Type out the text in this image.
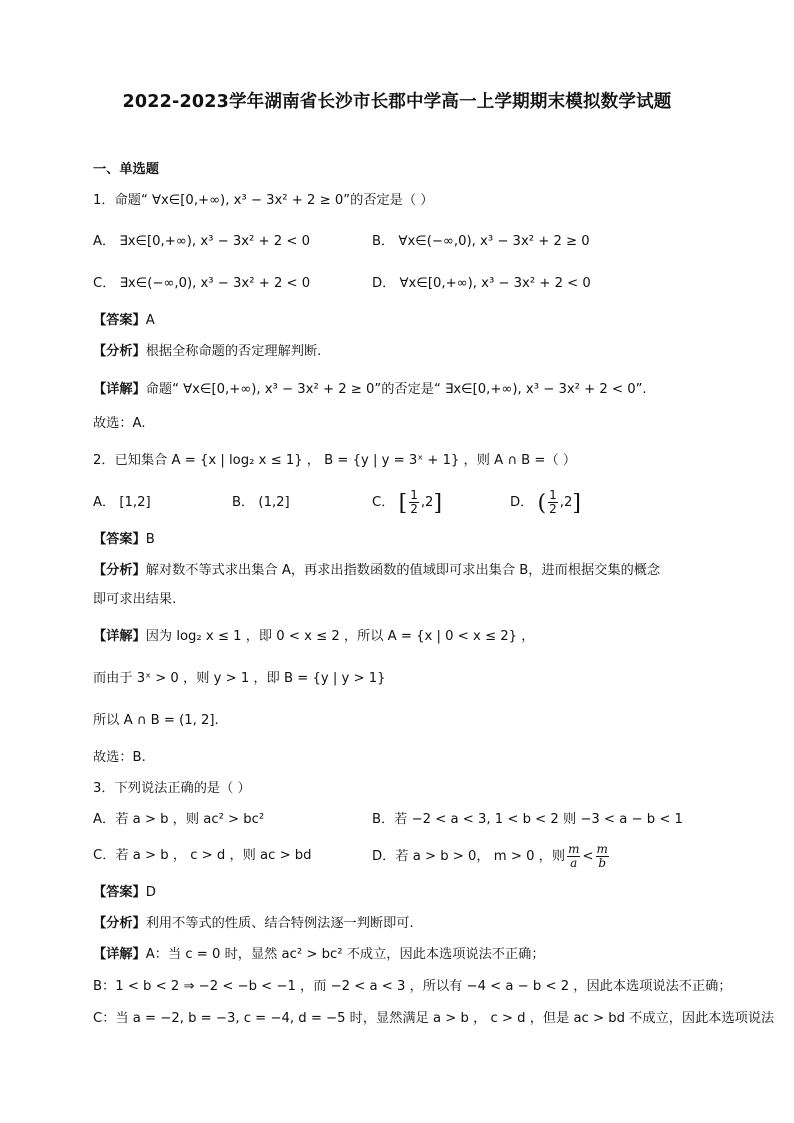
2022-2023学年湖南省长沙市长郡中学高一上学期期末模拟数学试题
一、单选题
1．命题“ ∀x∈[0,+∞), x³ − 3x² + 2 ≥ 0”的否定是（ ）
A． ∃x∈[0,+∞), x³ − 3x² + 2 < 0	B． ∀x∈(−∞,0), x³ − 3x² + 2 ≥ 0
C． ∃x∈(−∞,0), x³ − 3x² + 2 < 0	D． ∀x∈[0,+∞), x³ − 3x² + 2 < 0
【答案】A
【分析】根据全称命题的否定理解判断.
【详解】命题“ ∀x∈[0,+∞), x³ − 3x² + 2 ≥ 0”的否定是“ ∃x∈[0,+∞), x³ − 3x² + 2 < 0”.
故选：A.
2．已知集合 A = {x | log₂ x ≤ 1} ， B = {y | y = 3ˣ + 1} ，则 A ∩ B =（ ）
A． [1,2]	B． (1,2]	C． [ $\frac{1}{2} ,2$]	D． ( $\frac{1}{2} ,2$]
【答案】B
【分析】解对数不等式求出集合 A，再求出指数函数的值域即可求出集合 B，进而根据交集的概念
即可求出结果.
【详解】因为 log₂ x ≤ 1 ，即 0 < x ≤ 2 ，所以 A = {x | 0 < x ≤ 2} ，
而由于 3ˣ > 0 ，则 y > 1 ，即 B = {y | y > 1}
所以 A ∩ B = (1, 2].
故选：B.
3．下列说法正确的是（ ）
A．若 a > b ，则 ac² > bc²	B．若 −2 < a < 3, 1 < b < 2 则 −3 < a − b < 1
C．若 a > b ， c > d ，则 ac > bd	D．若 a > b > 0， m > 0 ，则 $\frac{m}{a} < \frac{m}{b}$
【答案】D
【分析】利用不等式的性质、结合特例法逐一判断即可.
【详解】A：当 c = 0 时，显然 ac² > bc² 不成立，因此本选项说法不正确；
B：1 < b < 2 ⇒ −2 < −b < −1 ，而 −2 < a < 3 ，所以有 −4 < a − b < 2 ，因此本选项说法不正确；
C：当 a = −2, b = −3, c = −4, d = −5 时，显然满足 a > b ， c > d ，但是 ac > bd 不成立，因此本选项说法
